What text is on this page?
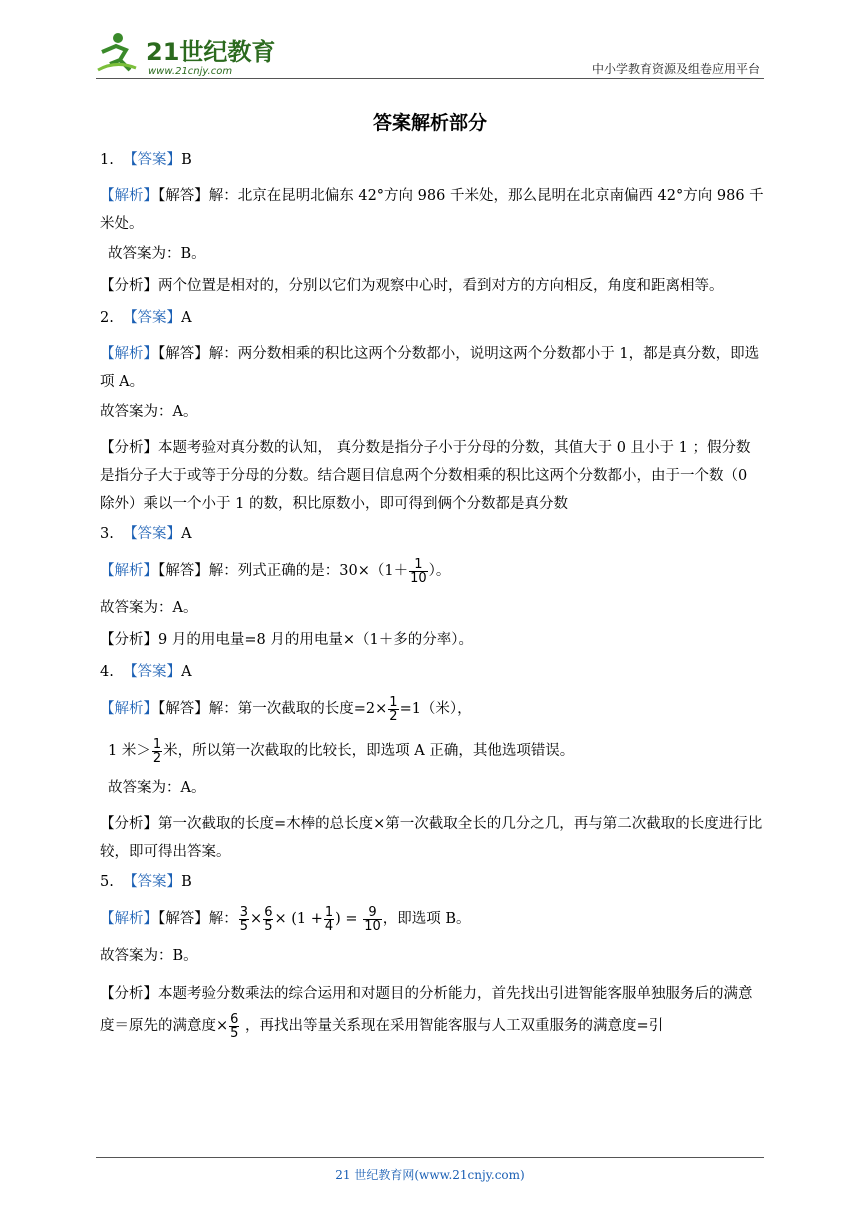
21世纪教育
www.21cnjy.com	中小学教育资源及组卷应用平台
答案解析部分
1. 【答案】B
【解析】【解答】解：北京在昆明北偏东 42°方向 986 千米处，那么昆明在北京南偏西 42°方向 986 千米处。
故答案为：B。
【分析】两个位置是相对的，分别以它们为观察中心时，看到对方的方向相反，角度和距离相等。
2. 【答案】A
【解析】【解答】解：两分数相乘的积比这两个分数都小，说明这两个分数都小于 1，都是真分数，即选项 A。
故答案为：A。
【分析】本题考验对真分数的认知， 真分数是指分子小于分母的分数，其值大于 0 且小于 1 ；假分数是指分子大于或等于分母的分数。结合题目信息两个分数相乘的积比这两个分数都小，由于一个数（0 除外）乘以一个小于 1 的数，积比原数小，即可得到俩个分数都是真分数
3. 【答案】A
【解析】【解答】解：列式正确的是：$30\times(1+ \frac{1}{10}$ ）。
故答案为：A。
【分析】9 月的用电量=8 月的用电量×（1＋多的分率）。
4. 【答案】A
【解析】【解答】解：第一次截取的长度$=2\times \frac{1}{2} =1$（米），
1 米＞ $\frac{1}{2}$ 米，所以第一次截取的比较长，即选项 A 正确，其他选项错误。
故答案为：A。
【分析】第一次截取的长度=木棒的总长度×第一次截取全长的几分之几，再与第二次截取的长度进行比较，即可得出答案。
5. 【答案】B
【解析】【解答】解： $\frac{3}{5} \times \frac{6}{5} \times (1 + \frac{1}{4}$ ) = $\frac{9}{10}$ ，即选项 B。
故答案为：B。
【分析】本题考验分数乘法的综合运用和对题目的分析能力，首先找出引进智能客服单独服务后的满意度＝原先的满意度× $\frac{6}{5}$ ，再找出等量关系现在采用智能客服与人工双重服务的满意度=引
21 世纪教育网(www.21cnjy.com)
